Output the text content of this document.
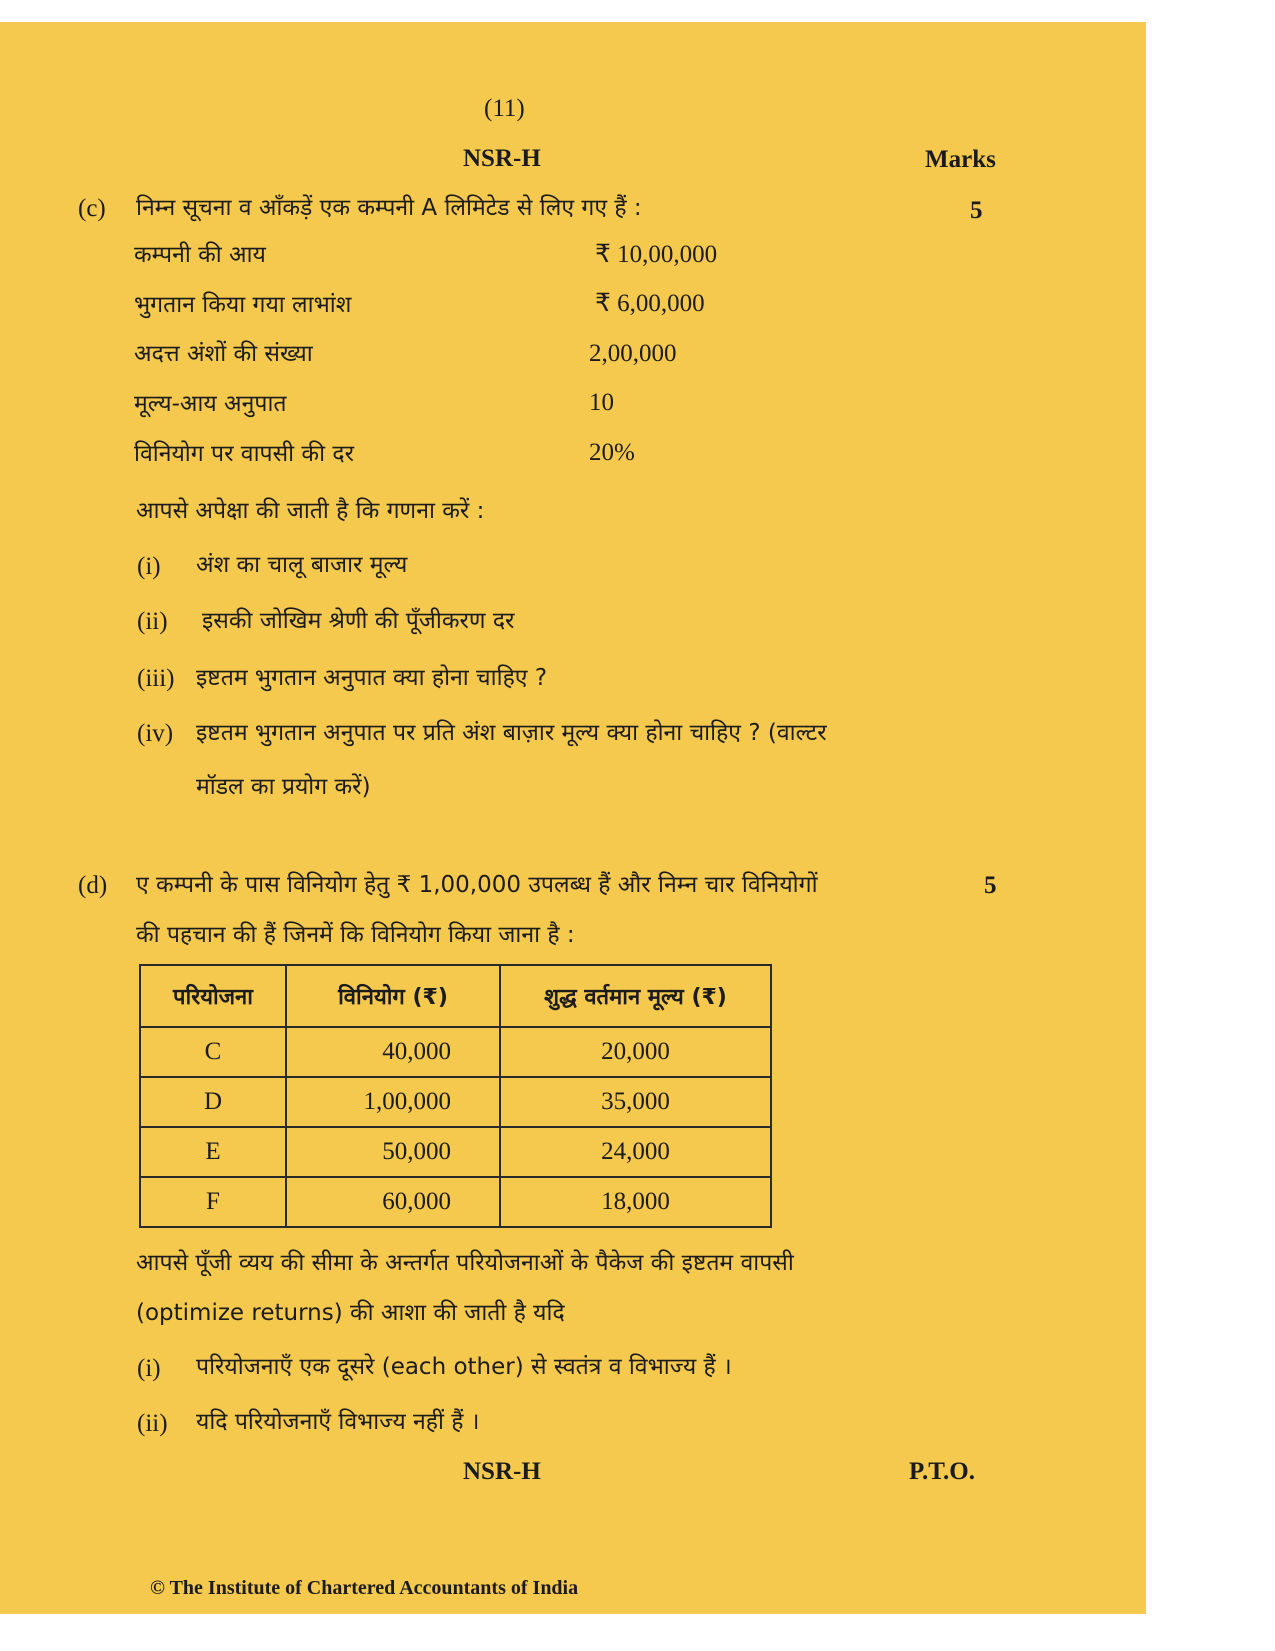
(11)
NSR-H	Marks
(c) निम्न सूचना व आँकड़ें एक कम्पनी A लिमिटेड से लिए गए हैं :	5
कम्पनी की आय	₹ 10,00,000
भुगतान किया गया लाभांश	₹ 6,00,000
अदत्त अंशों की संख्या	2,00,000
मूल्य-आय अनुपात	10
विनियोग पर वापसी की दर	20%
आपसे अपेक्षा की जाती है कि गणना करें :
(i) अंश का चालू बाजार मूल्य
(ii) इसकी जोखिम श्रेणी की पूँजीकरण दर
(iii) इष्टतम भुगतान अनुपात क्या होना चाहिए ?
(iv) इष्टतम भुगतान अनुपात पर प्रति अंश बाज़ार मूल्य क्या होना चाहिए ? (वाल्टर
मॉडल का प्रयोग करें)
(d) ए कम्पनी के पास विनियोग हेतु ₹ 1,00,000 उपलब्ध हैं और निम्न चार विनियोगों	5
की पहचान की हैं जिनमें कि विनियोग किया जाना है :
परियोजना	विनियोग (₹)	शुद्ध वर्तमान मूल्य (₹)
C	40,000	20,000
D	1,00,000	35,000
E	50,000	24,000
F	60,000	18,000
आपसे पूँजी व्यय की सीमा के अन्तर्गत परियोजनाओं के पैकेज की इष्टतम वापसी
(optimize returns) की आशा की जाती है यदि
(i) परियोजनाएँ एक दूसरे (each other) से स्वतंत्र व विभाज्य हैं ।
(ii) यदि परियोजनाएँ विभाज्य नहीं हैं ।
NSR-H	P.T.O.
© The Institute of Chartered Accountants of India
